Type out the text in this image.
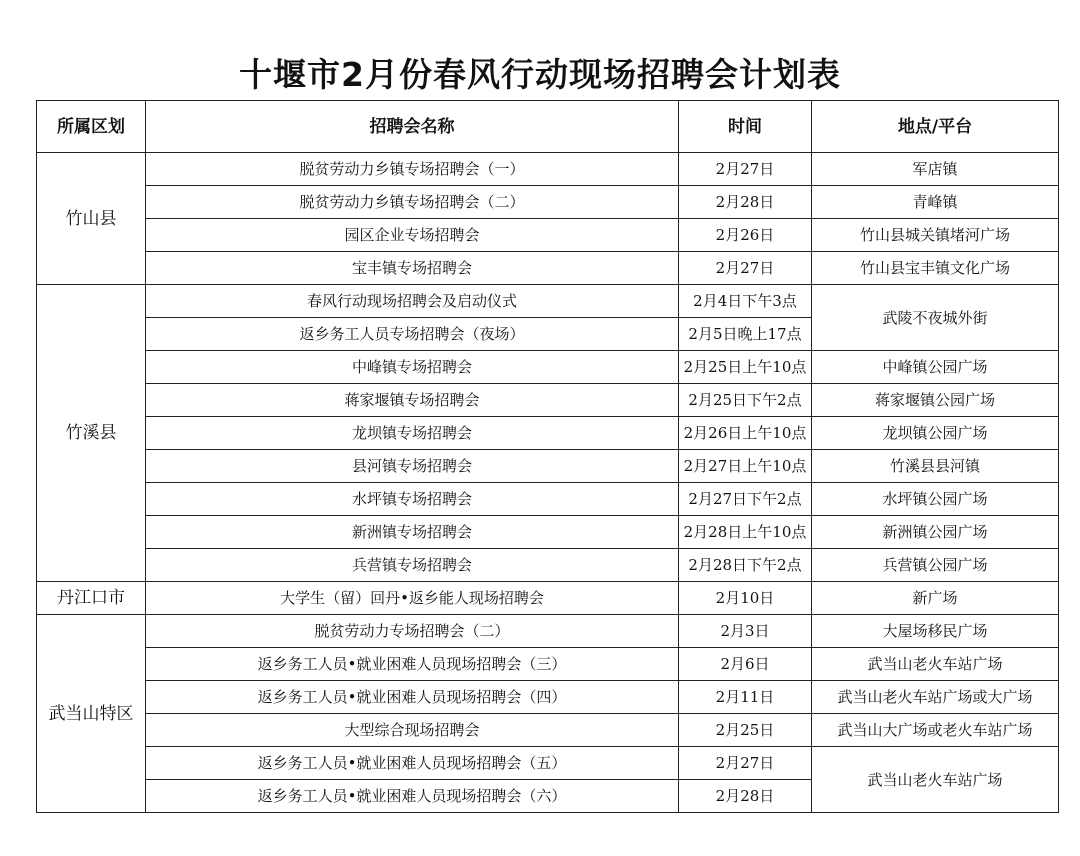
十堰市2月份春风行动现场招聘会计划表
所属区划	招聘会名称	时间	地点/平台
竹山县	脱贫劳动力乡镇专场招聘会（一）	2月27日	军店镇
	脱贫劳动力乡镇专场招聘会（二）	2月28日	青峰镇
	园区企业专场招聘会	2月26日	竹山县城关镇堵河广场
	宝丰镇专场招聘会	2月27日	竹山县宝丰镇文化广场
竹溪县	春风行动现场招聘会及启动仪式	2月4日下午3点	武陵不夜城外街
	返乡务工人员专场招聘会（夜场）	2月5日晚上17点	
	中峰镇专场招聘会	2月25日上午10点	中峰镇公园广场
	蒋家堰镇专场招聘会	2月25日下午2点	蒋家堰镇公园广场
	龙坝镇专场招聘会	2月26日上午10点	龙坝镇公园广场
	县河镇专场招聘会	2月27日上午10点	竹溪县县河镇
	水坪镇专场招聘会	2月27日下午2点	水坪镇公园广场
	新洲镇专场招聘会	2月28日上午10点	新洲镇公园广场
	兵营镇专场招聘会	2月28日下午2点	兵营镇公园广场
丹江口市	大学生（留）回丹•返乡能人现场招聘会	2月10日	新广场
武当山特区	脱贫劳动力专场招聘会（二）	2月3日	大屋场移民广场
	返乡务工人员•就业困难人员现场招聘会（三）	2月6日	武当山老火车站广场
	返乡务工人员•就业困难人员现场招聘会（四）	2月11日	武当山老火车站广场或大广场
	大型综合现场招聘会	2月25日	武当山大广场或老火车站广场
	返乡务工人员•就业困难人员现场招聘会（五）	2月27日	武当山老火车站广场
	返乡务工人员•就业困难人员现场招聘会（六）	2月28日	
